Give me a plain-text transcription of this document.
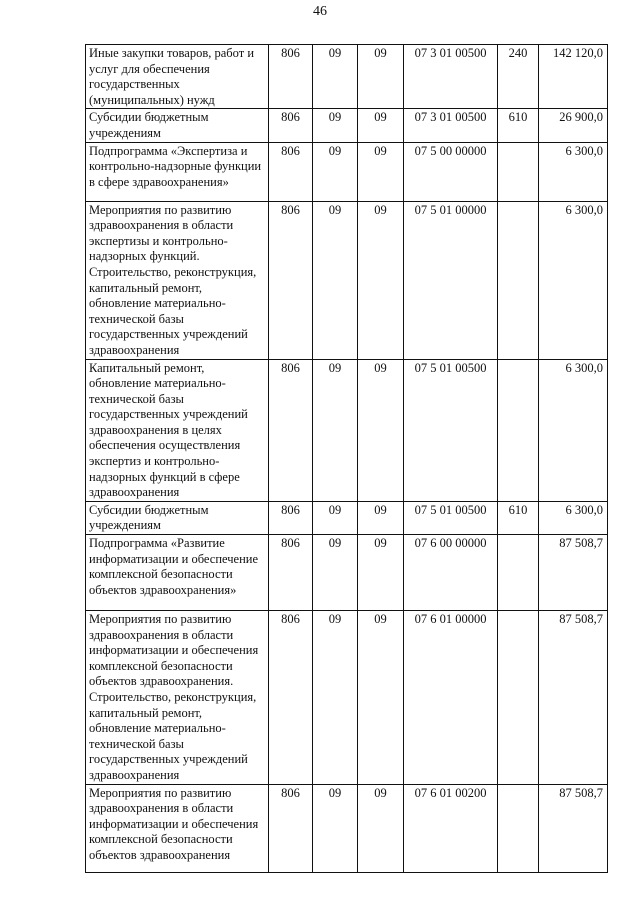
46
Иные закупки товаров, работ и услуг для обеспечения государственных (муниципальных) нужд	806	09	09	07 3 01 00500	240	142 120,0
Субсидии бюджетным учреждениям	806	09	09	07 3 01 00500	610	26 900,0
Подпрограмма «Экспертиза и контрольно-надзорные функции в сфере здравоохранения»	806	09	09	07 5 00 00000		6 300,0
Мероприятия по развитию здравоохранения в области экспертизы и контрольно-надзорных функций. Строительство, реконструкция, капитальный ремонт, обновление материально-технической базы государственных учреждений здравоохранения	806	09	09	07 5 01 00000		6 300,0
Капитальный ремонт, обновление материально-технической базы государственных учреждений здравоохранения в целях обеспечения осуществления экспертиз и контрольно-надзорных функций в сфере здравоохранения	806	09	09	07 5 01 00500		6 300,0
Субсидии бюджетным учреждениям	806	09	09	07 5 01 00500	610	6 300,0
Подпрограмма «Развитие информатизации и обеспечение комплексной безопасности объектов здравоохранения»	806	09	09	07 6 00 00000		87 508,7
Мероприятия по развитию здравоохранения в области информатизации и обеспечения комплексной безопасности объектов здравоохранения. Строительство, реконструкция, капитальный ремонт, обновление материально-технической базы государственных учреждений здравоохранения	806	09	09	07 6 01 00000		87 508,7
Мероприятия по развитию здравоохранения в области информатизации и обеспечения комплексной безопасности объектов здравоохранения	806	09	09	07 6 01 00200		87 508,7
